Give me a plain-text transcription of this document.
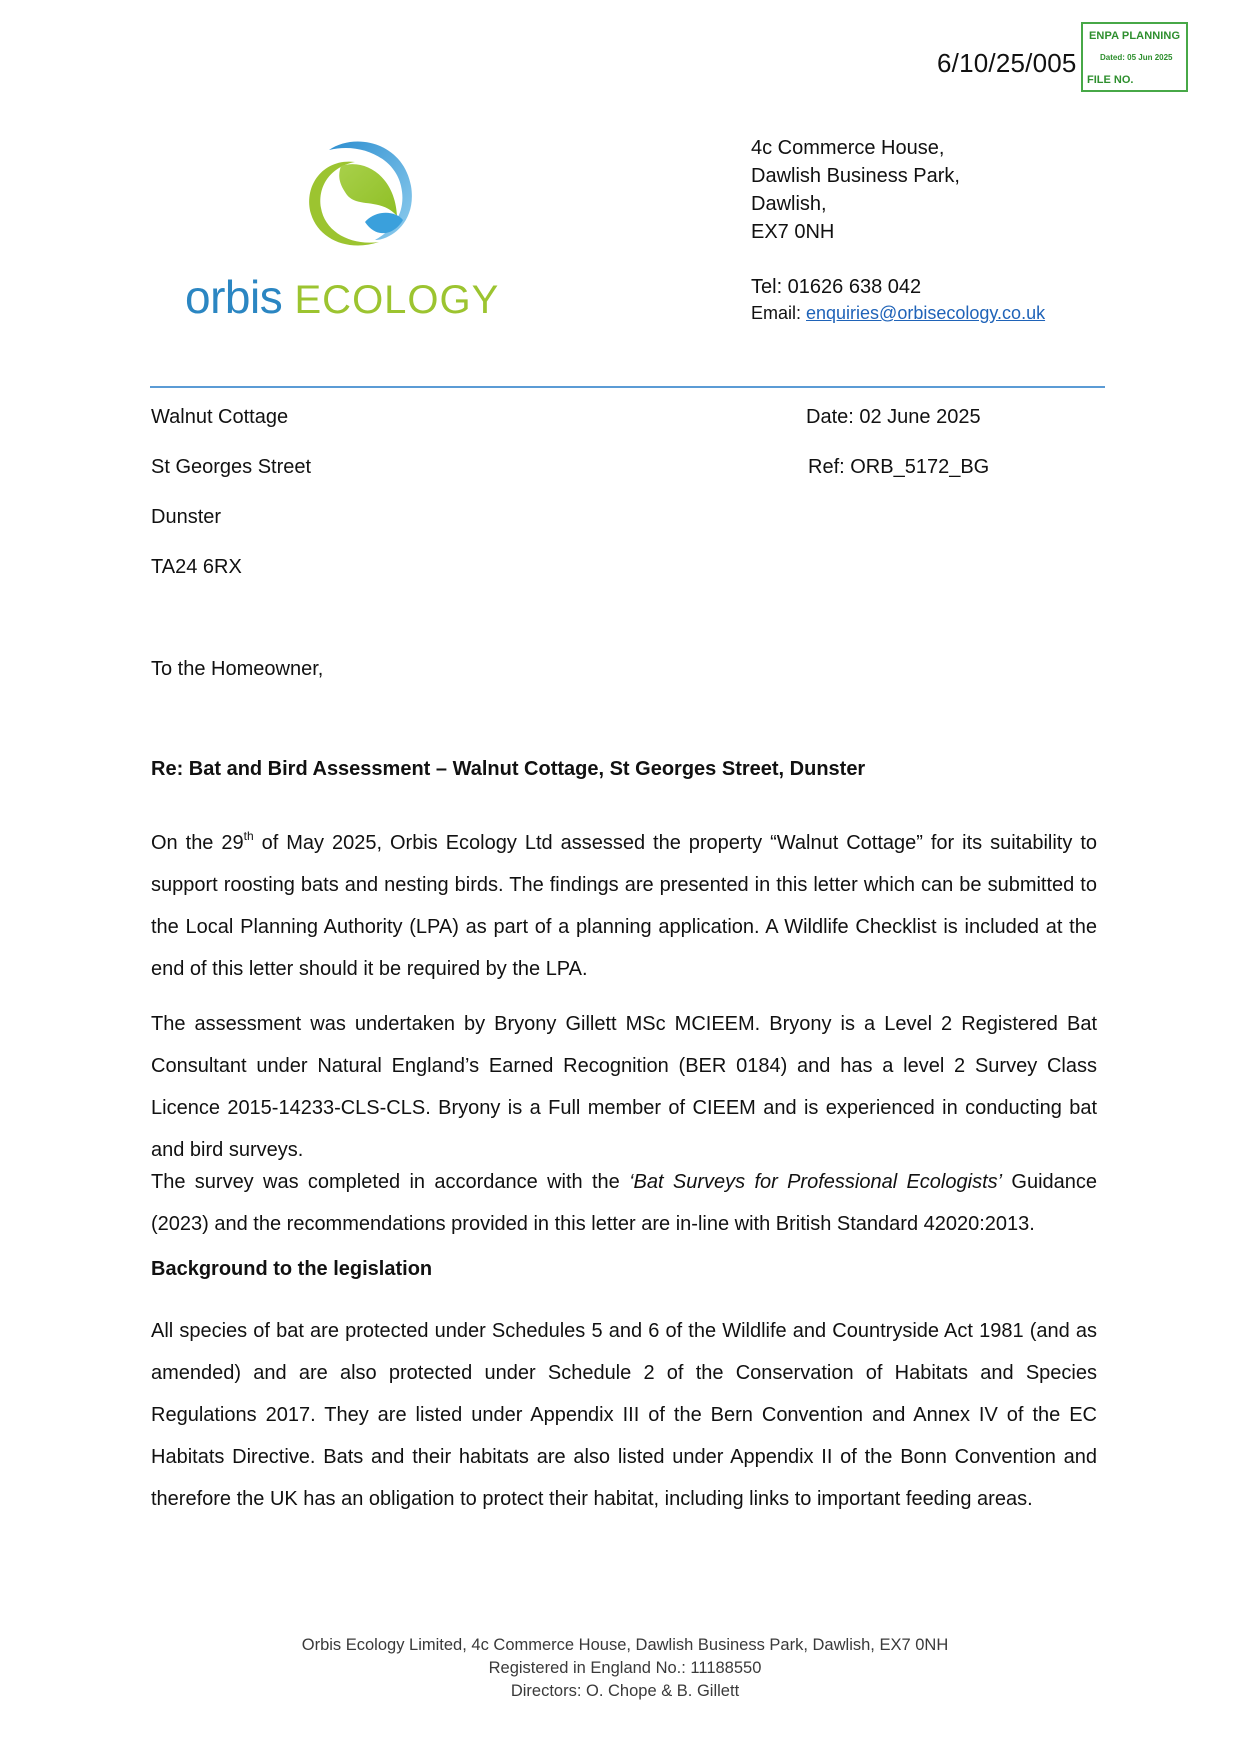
6/10/25/005
ENPA PLANNING
Dated: 05 Jun 2025
FILE NO.
orbis ECOLOGY
4c Commerce House,
Dawlish Business Park,
Dawlish,
EX7 0NH
Tel: 01626 638 042
Email: enquiries@orbisecology.co.uk
Walnut Cottage
St Georges Street
Dunster
TA24 6RX
Date: 02 June 2025
Ref: ORB_5172_BG
To the Homeowner,
Re: Bat and Bird Assessment – Walnut Cottage, St Georges Street, Dunster

On the 29th of May 2025, Orbis Ecology Ltd assessed the property “Walnut Cottage” for its suitability to support roosting bats and nesting birds. The findings are presented in this letter which can be submitted to the Local Planning Authority (LPA) as part of a planning application. A Wildlife Checklist is included at the end of this letter should it be required by the LPA.

The assessment was undertaken by Bryony Gillett MSc MCIEEM. Bryony is a Level 2 Registered Bat Consultant under Natural England’s Earned Recognition (BER 0184) and has a level 2 Survey Class Licence 2015-14233-CLS-CLS. Bryony is a Full member of CIEEM and is experienced in conducting bat and bird surveys.

The survey was completed in accordance with the ‘Bat Surveys for Professional Ecologists’ Guidance (2023) and the recommendations provided in this letter are in-line with British Standard 42020:2013.

Background to the legislation

All species of bat are protected under Schedules 5 and 6 of the Wildlife and Countryside Act 1981 (and as amended) and are also protected under Schedule 2 of the Conservation of Habitats and Species Regulations 2017. They are listed under Appendix III of the Bern Convention and Annex IV of the EC Habitats Directive. Bats and their habitats are also listed under Appendix II of the Bonn Convention and therefore the UK has an obligation to protect their habitat, including links to important feeding areas.

Orbis Ecology Limited, 4c Commerce House, Dawlish Business Park, Dawlish, EX7 0NH
Registered in England No.: 11188550
Directors: O. Chope & B. Gillett
